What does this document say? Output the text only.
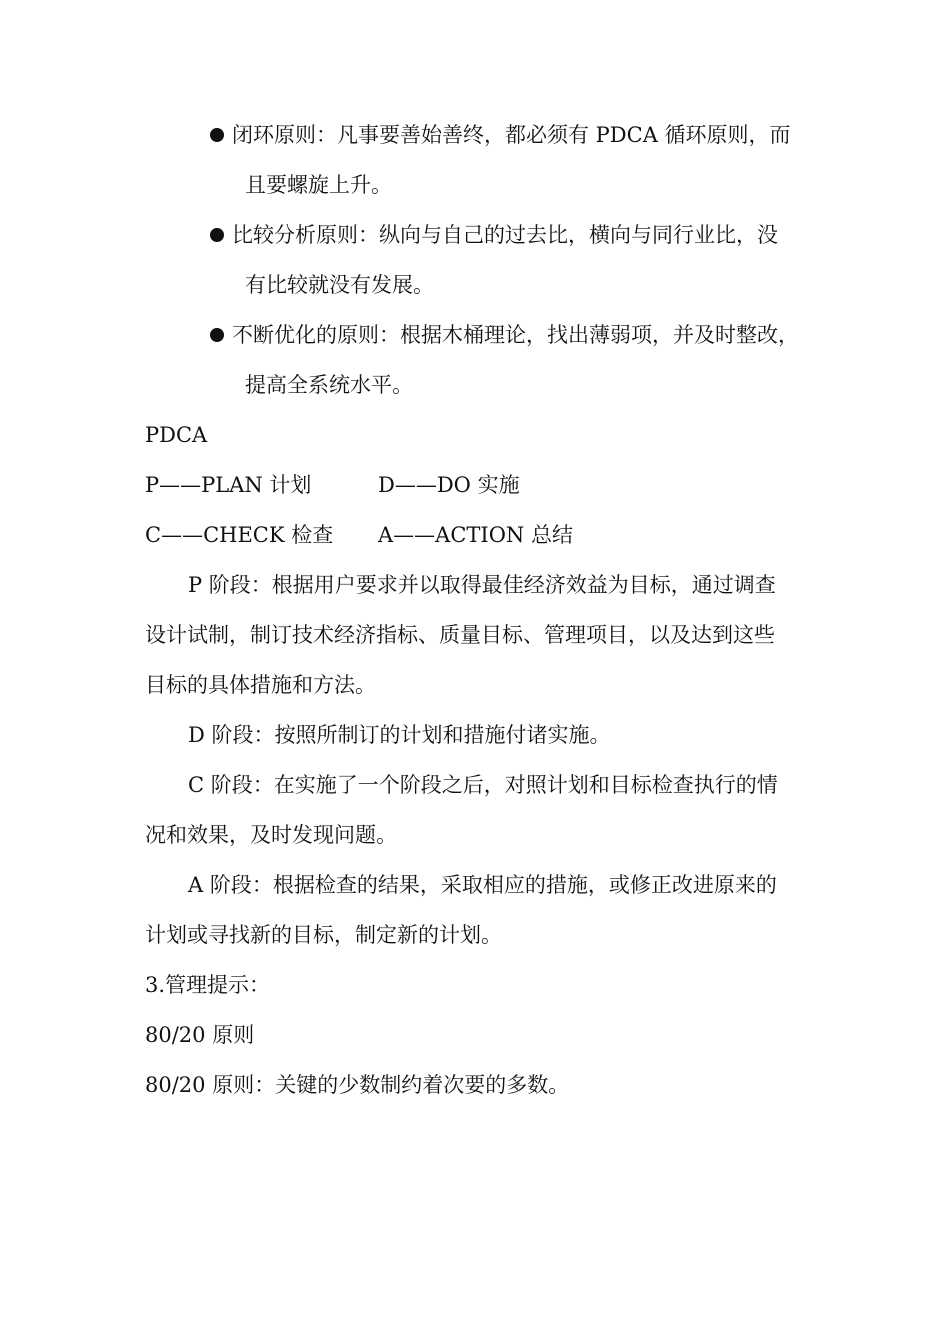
闭环原则：凡事要善始善终，都必须有 PDCA 循环原则，而
且要螺旋上升。
比较分析原则：纵向与自己的过去比，横向与同行业比，没
有比较就没有发展。
不断优化的原则：根据木桶理论，找出薄弱项，并及时整改，
提高全系统水平。
PDCA
P——PLAN 计划	D——DO 实施
C——CHECK 检查 A——ACTION 总结
P 阶段：根据用户要求并以取得最佳经济效益为目标，通过调查
设计试制，制订技术经济指标、质量目标、管理项目，以及达到这些
目标的具体措施和方法。
D 阶段：按照所制订的计划和措施付诸实施。
C 阶段：在实施了一个阶段之后，对照计划和目标检查执行的情
况和效果，及时发现问题。
A 阶段：根据检查的结果，采取相应的措施，或修正改进原来的
计划或寻找新的目标，制定新的计划。
3.管理提示：
80/20 原则
80/20 原则：关键的少数制约着次要的多数。
